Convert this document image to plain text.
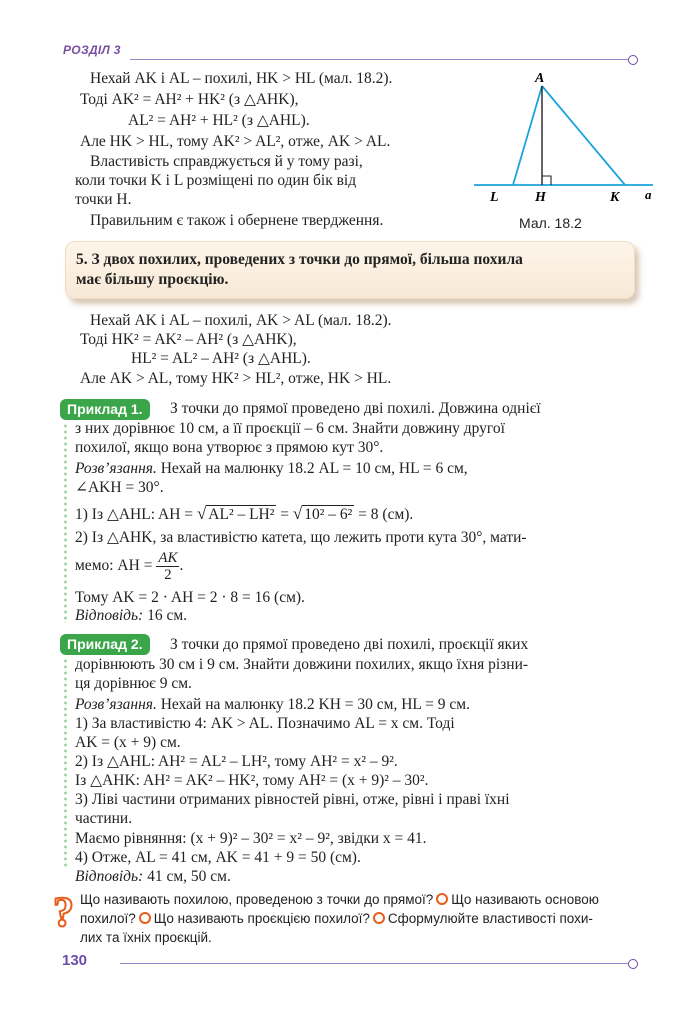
РОЗДІЛ 3
A
L	H	K a
Мал. 18.2
Нехай AK і AL – похилі, HK > HL (мал. 18.2).
Тоді AK² = AH² + HK² (з △AHK),
AL² = AH² + HL² (з △AHL).
Але HK > HL, тому AK² > AL², отже, AK > AL.
Властивість справджується й у тому разі,
коли точки K і L розміщені по один бік від
точки H.
Правильним є також і обернене твердження.
5. З двох похилих, проведених з точки до прямої, більша похила
має більшу проєкцію.
Нехай AK і AL – похилі, AK > AL (мал. 18.2).
Тоді HK² = AK² – AH² (з △AHK),
HL² = AL² – AH² (з △AHL).
Але AK > AL, тому HK² > HL², отже, HK > HL.
Приклад 1.	З точки до прямої проведено дві похилі. Довжина однієї
з них дорівнює 10 см, а її проєкції – 6 см. Знайти довжину другої
похилої, якщо вона утворює з прямою кут 30°.
Розв’язання. Нехай на малюнку 18.2 AL = 10 см, HL = 6 см,
∠AKH = 30°.
1) Із △AHL: AH = √ AL² – LH² = √ 10² – 6² = 8 (см).
2) Із △AHK, за властивістю катета, що лежить проти кута 30°, мати-
мемо: AH = $\frac{AK}{2}$ .
Тому AK = 2 · AH = 2 · 8 = 16 (см).
Відповідь: 16 см.
Приклад 2.	З точки до прямої проведено дві похилі, проєкції яких
дорівнюють 30 см і 9 см. Знайти довжини похилих, якщо їхня різни-
ця дорівнює 9 см.
Розв’язання. Нехай на малюнку 18.2 KH = 30 см, HL = 9 см.
1) За властивістю 4: AK > AL. Позначимо AL = x см. Тоді
AK = (x + 9) см.
2) Із △AHL: AH² = AL² – LH², тому AH² = x² – 9².
Із △AHK: AH² = AK² – HK², тому AH² = (x + 9)² – 30².
3) Ліві частини отриманих рівностей рівні, отже, рівні і праві їхні
частини.
Маємо рівняння: (x + 9)² – 30² = x² – 9², звідки x = 41.
4) Отже, AL = 41 см, AK = 41 + 9 = 50 (см).
Відповідь: 41 см, 50 см.
? Що називають похилою, проведеною з точки до прямої? Що називають основою
похилої? Що називають проєкцією похилої? Сформулюйте властивості похи-
лих та їхніх проєкцій.
130
